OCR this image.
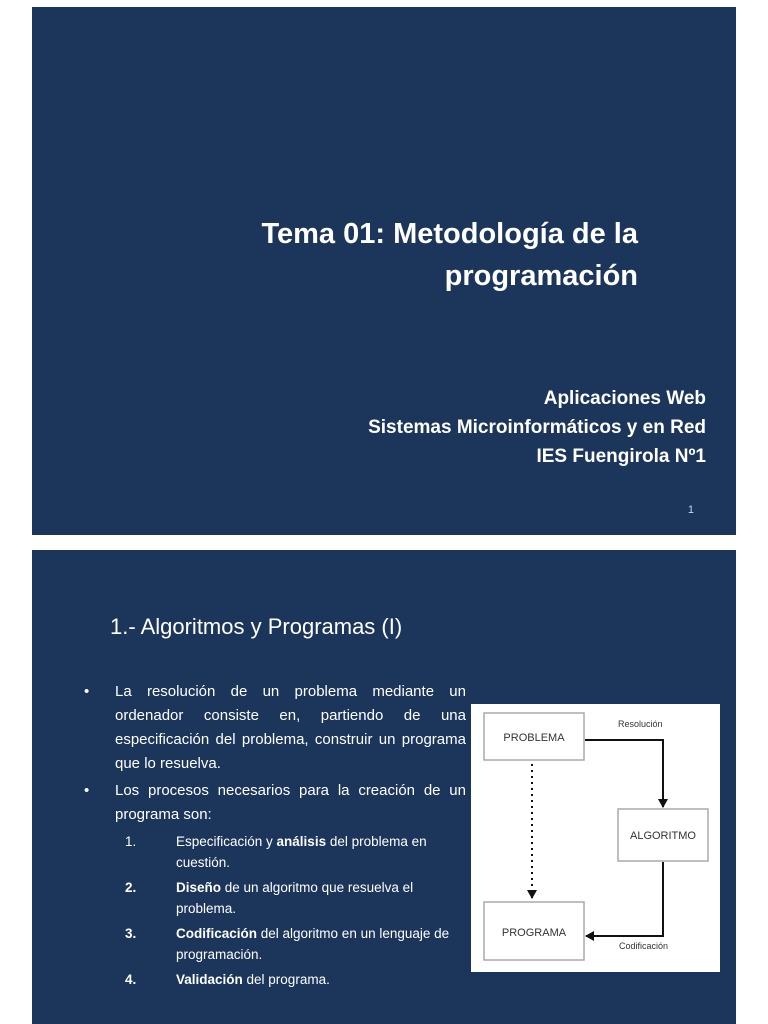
Tema 01: Metodología de la
programación
Aplicaciones Web
Sistemas Microinformáticos y en Red
IES Fuengirola Nº1
1
1.- Algoritmos y Programas (I)
• La resolución de un problema mediante un ordenador consiste en, partiendo de una especificación del problema, construir un programa que lo resuelva.
• Los procesos necesarios para la creación de un programa son:
1.	Especificación y análisis del problema en cuestión.
2.	Diseño de un algoritmo que resuelva el problema.
3.	Codificación del algoritmo en un lenguaje de programación.
4.	Validación del programa.
PROBLEMA
ALGORITMO
PROGRAMA
Resolución
Codificación
